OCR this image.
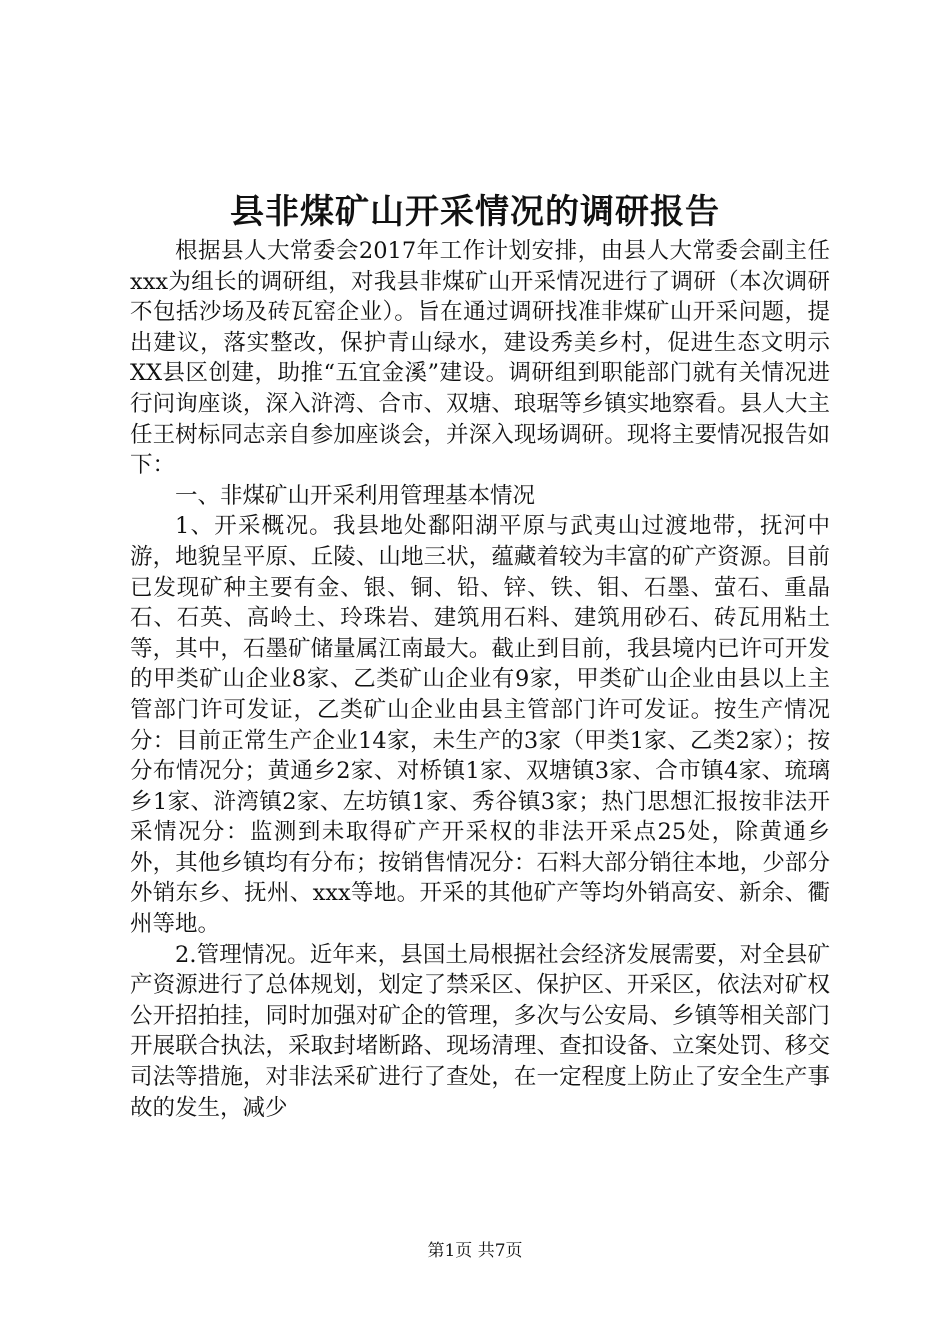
县非煤矿山开采情况的调研报告

根据县人大常委会2017年工作计划安排，由县人大常委会副主任xxx为组长的调研组，对我县非煤矿山开采情况进行了调研（本次调研不包括沙场及砖瓦窑企业）。旨在通过调研找准非煤矿山开采问题，提出建议，落实整改，保护青山绿水，建设秀美乡村，促进生态文明示XX县区创建，助推“五宜金溪”建设。调研组到职能部门就有关情况进行问询座谈，深入浒湾、合市、双塘、琅琚等乡镇实地察看。县人大主任王树标同志亲自参加座谈会，并深入现场调研。现将主要情况报告如下：

一、非煤矿山开采利用管理基本情况

1、开采概况。我县地处鄱阳湖平原与武夷山过渡地带，抚河中游，地貌呈平原、丘陵、山地三状，蕴藏着较为丰富的矿产资源。目前已发现矿种主要有金、银、铜、铅、锌、铁、钼、石墨、萤石、重晶石、石英、高岭土、玲珠岩、建筑用石料、建筑用砂石、砖瓦用粘土等，其中，石墨矿储量属江南最大。截止到目前，我县境内已许可开发的甲类矿山企业8家、乙类矿山企业有9家，甲类矿山企业由县以上主管部门许可发证，乙类矿山企业由县主管部门许可发证。按生产情况分：目前正常生产企业14家，未生产的3家（甲类1家、乙类2家）；按分布情况分；黄通乡2家、对桥镇1家、双塘镇3家、合市镇4家、琉璃乡1家、浒湾镇2家、左坊镇1家、秀谷镇3家；热门思想汇报按非法开采情况分：监测到未取得矿产开采权的非法开采点25处，除黄通乡外，其他乡镇均有分布；按销售情况分：石料大部分销往本地，少部分外销东乡、抚州、xxx等地。开采的其他矿产等均外销高安、新余、衢州等地。

2.管理情况。近年来，县国土局根据社会经济发展需要，对全县矿产资源进行了总体规划，划定了禁采区、保护区、开采区，依法对矿权公开招拍挂，同时加强对矿企的管理，多次与公安局、乡镇等相关部门开展联合执法，采取封堵断路、现场清理、查扣设备、立案处罚、移交司法等措施，对非法采矿进行了查处，在一定程度上防止了安全生产事故的发生，减少

第1页 共7页
